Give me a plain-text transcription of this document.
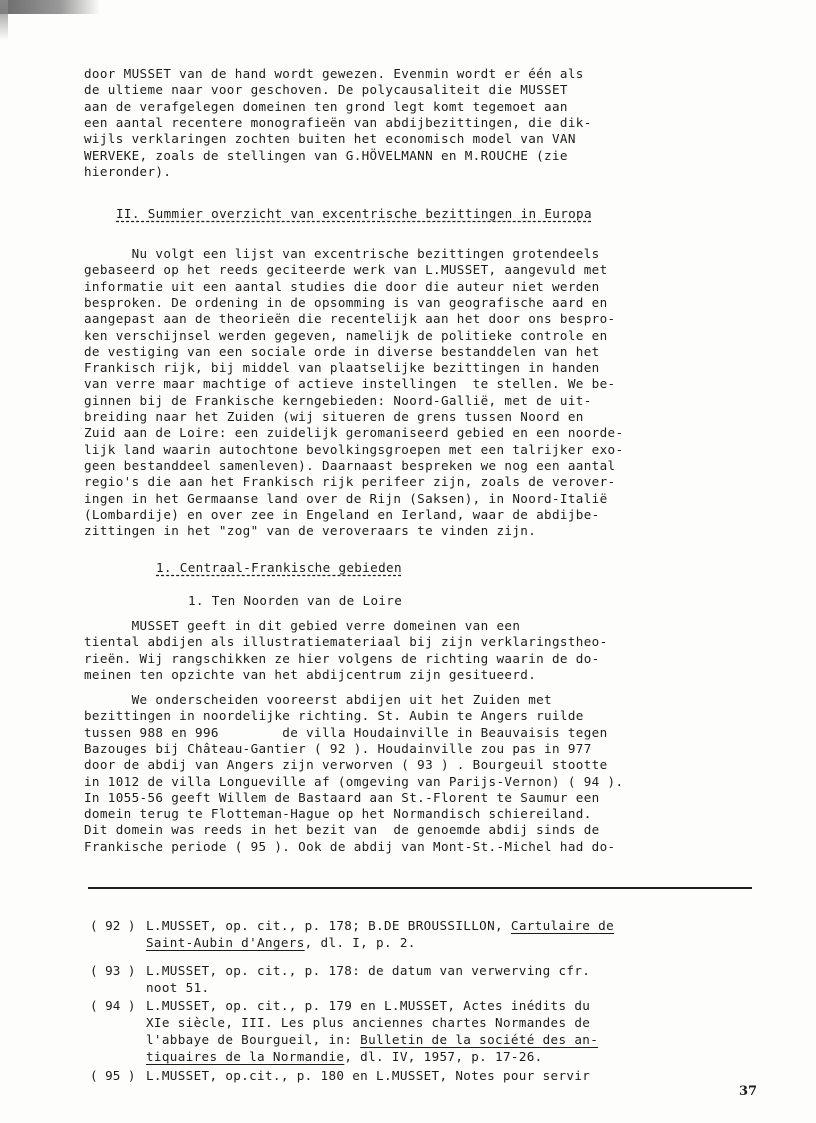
door MUSSET van de hand wordt gewezen. Evenmin wordt er één als
de ultieme naar voor geschoven. De polycausaliteit die MUSSET
aan de verafgelegen domeinen ten grond legt komt tegemoet aan
een aantal recentere monografieën van abdijbezittingen, die dik-
wijls verklaringen zochten buiten het economisch model van VAN
WERVEKE, zoals de stellingen van G.HÖVELMANN en M.ROUCHE (zie
hieronder).
II. Summier overzicht van excentrische bezittingen in Europa
Nu volgt een lijst van excentrische bezittingen grotendeels
gebaseerd op het reeds geciteerde werk van L.MUSSET, aangevuld met
informatie uit een aantal studies die door die auteur niet werden
besproken. De ordening in de opsomming is van geografische aard en
aangepast aan de theorieën die recentelijk aan het door ons bespro-
ken verschijnsel werden gegeven, namelijk de politieke controle en
de vestiging van een sociale orde in diverse bestanddelen van het
Frankisch rijk, bij middel van plaatselijke bezittingen in handen
van verre maar machtige of actieve instellingen  te stellen. We be-
ginnen bij de Frankische kerngebieden: Noord-Gallië, met de uit-
breiding naar het Zuiden (wij situeren de grens tussen Noord en
Zuid aan de Loire: een zuidelijk geromaniseerd gebied en een noorde-
lijk land waarin autochtone bevolkingsgroepen met een talrijker exo-
geen bestanddeel samenleven). Daarnaast bespreken we nog een aantal
regio's die aan het Frankisch rijk perifeer zijn, zoals de verover-
ingen in het Germaanse land over de Rijn (Saksen), in Noord-Italië
(Lombardije) en over zee in Engeland en Ierland, waar de abdijbe-
zittingen in het "zog" van de veroveraars te vinden zijn.
1. Centraal-Frankische gebieden
1. Ten Noorden van de Loire
MUSSET geeft in dit gebied verre domeinen van een
tiental abdijen als illustratiemateriaal bij zijn verklaringstheo-
rieën. Wij rangschikken ze hier volgens de richting waarin de do-
meinen ten opzichte van het abdijcentrum zijn gesitueerd.
We onderscheiden vooreerst abdijen uit het Zuiden met
bezittingen in noordelijke richting. St. Aubin te Angers ruilde
tussen 988 en 996        de villa Houdainville in Beauvaisis tegen
Bazouges bij Château-Gantier ( 92 ). Houdainville zou pas in 977
door de abdij van Angers zijn verworven ( 93 ) . Bourgeuil stootte
in 1012 de villa Longueville af (omgeving van Parijs-Vernon) ( 94 ).
In 1055-56 geeft Willem de Bastaard aan St.-Florent te Saumur een
domein terug te Flotteman-Hague op het Normandisch schiereiland.
Dit domein was reeds in het bezit van  de genoemde abdij sinds de
Frankische periode ( 95 ). Ook de abdij van Mont-St.-Michel had do-
( 92 ) L.MUSSET, op. cit., p. 178; B.DE BROUSSILLON, Cartulaire de
Saint-Aubin d'Angers, dl. I, p. 2.
( 93 ) L.MUSSET, op. cit., p. 178: de datum van verwerving cfr.
noot 51.
( 94 ) L.MUSSET, op. cit., p. 179 en L.MUSSET, Actes inédits du
XIe siècle, III. Les plus anciennes chartes Normandes de
l'abbaye de Bourgueil, in: Bulletin de la société des an-
tiquaires de la Normandie, dl. IV, 1957, p. 17-26.
( 95 ) L.MUSSET, op.cit., p. 180 en L.MUSSET, Notes pour servir
37
